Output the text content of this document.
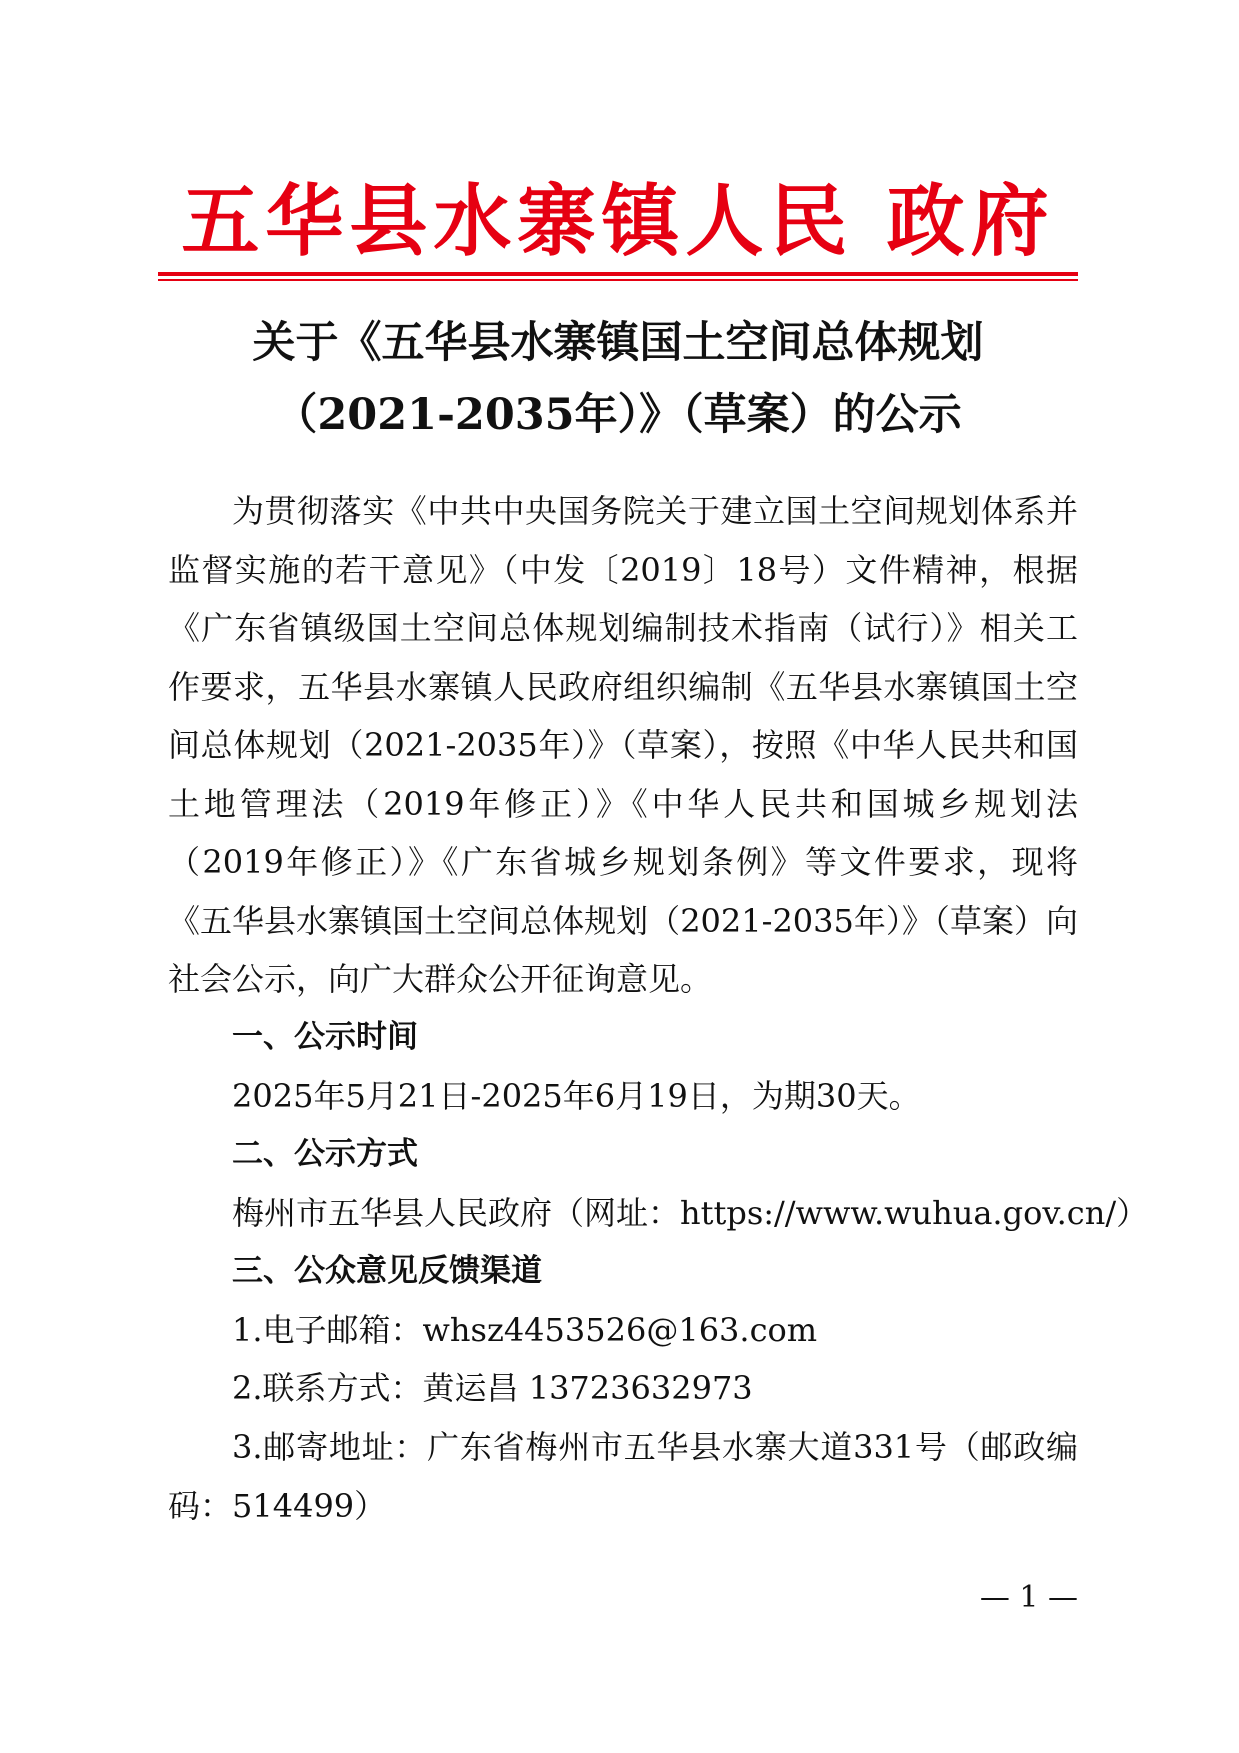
五华县水寨镇人民 政府
关于《五华县水寨镇国土空间总体规划
（2021-2035年）》（草案）的公示

为贯彻落实《中共中央国务院关于建立国土空间规划体系并监督实施的若干意见》（中发〔2019〕18号）文件精神，根据《广东省镇级国土空间总体规划编制技术指南（试行）》相关工作要求，五华县水寨镇人民政府组织编制《五华县水寨镇国土空间总体规划（2021-2035年）》（草案），按照《中华人民共和国土地管理法（2019年修正）》《中华人民共和国城乡规划法（2019年修正）》《广东省城乡规划条例》等文件要求，现将《五华县水寨镇国土空间总体规划（2021-2035年）》（草案）向社会公示，向广大群众公开征询意见。

一、公示时间
2025年5月21日-2025年6月19日，为期30天。
二、公示方式
梅州市五华县人民政府（网址：https://www.wuhua.gov.cn/）
三、公众意见反馈渠道
1.电子邮箱：whsz4453526@163.com
2.联系方式：黄运昌 13723632973

3.邮寄地址：广东省梅州市五华县水寨大道331号（邮政编码：514499）

— 1 —
